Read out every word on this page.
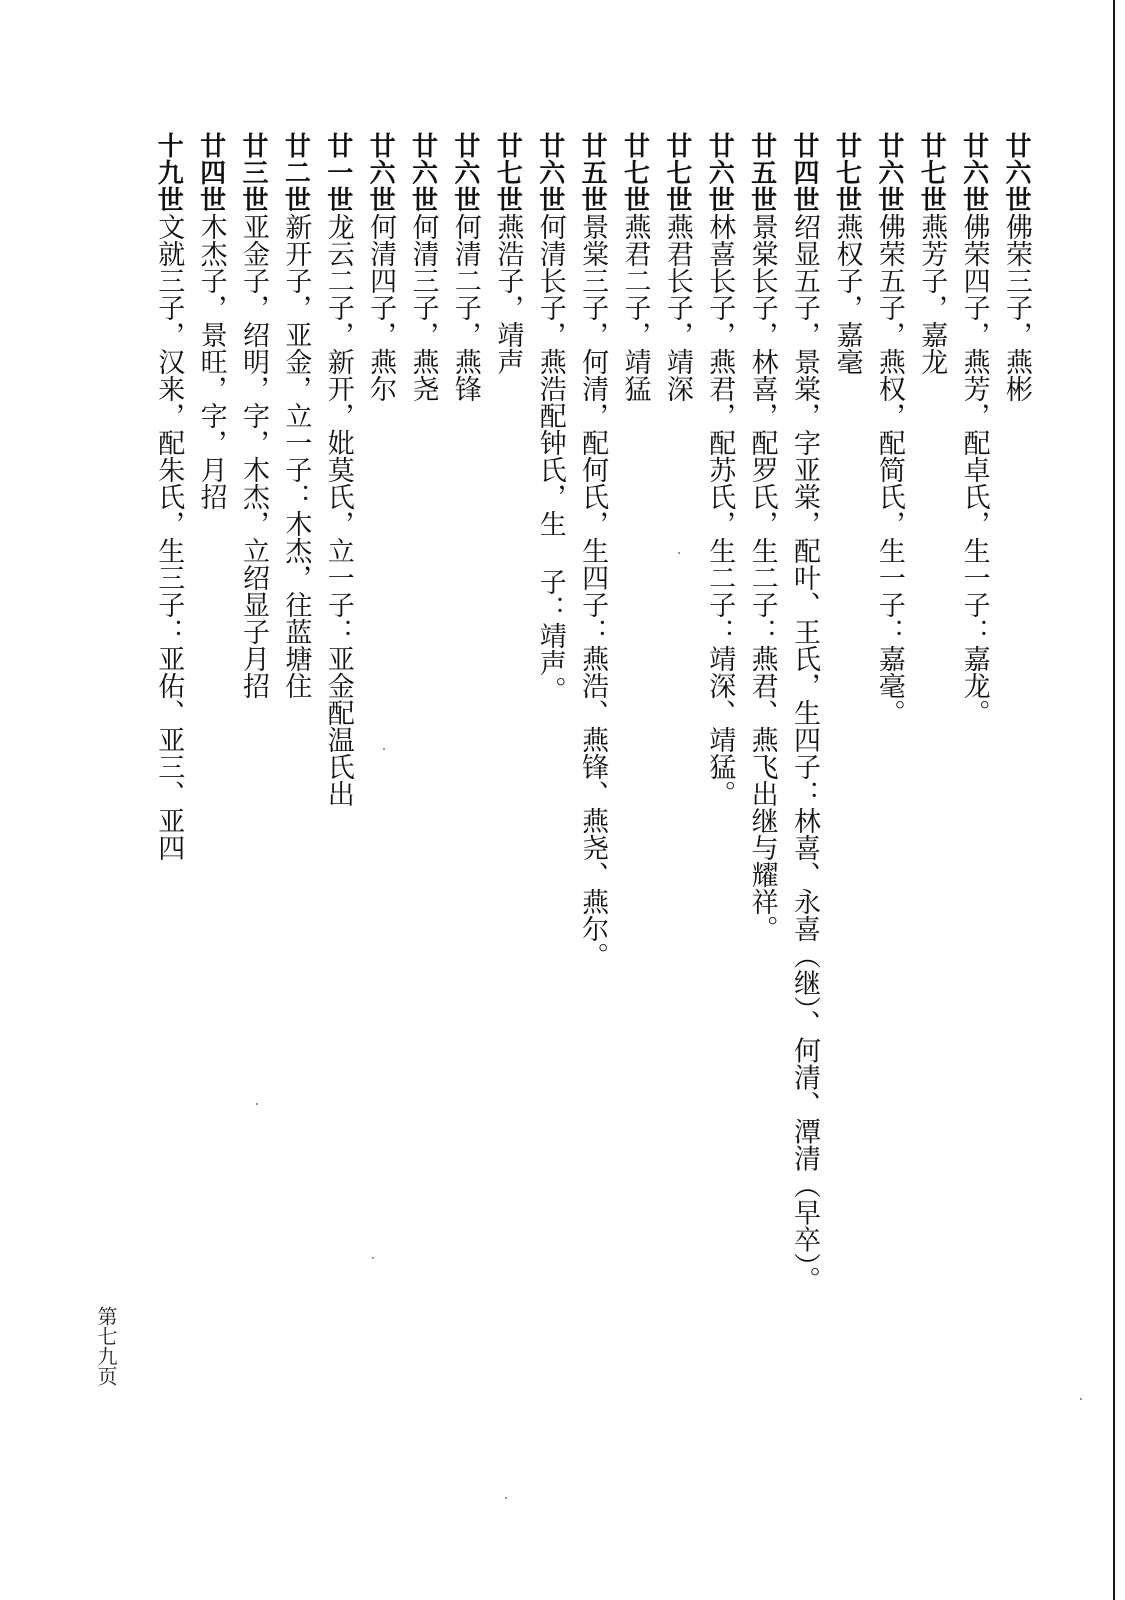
廿六世佛荣三子，燕彬
廿六世佛荣四子，燕芳，配卓氏，生一子：嘉龙。
廿七世燕芳子，嘉龙
廿六世佛荣五子，燕权，配简氏，生一子：嘉毫。
廿七世燕权子，嘉毫
廿四世绍显五子，景棠，字亚棠，配叶、王氏，生四子：林喜、永喜（继）、何清、潭清（早卒）。
廿五世景棠长子，林喜，配罗氏，生二子：燕君、燕飞出继与耀祥。
廿六世林喜长子，燕君，配苏氏，生二子：靖深、靖猛。
廿七世燕君长子，靖深
廿七世燕君二子，靖猛
廿五世景棠三子，何清，配何氏，生四子：燕浩、燕锋、燕尧、燕尔。
廿六世何清长子，燕浩配钟氏，生 子：靖声。
廿七世燕浩子，靖声
廿六世何清二子，燕锋
廿六世何清三子，燕尧
廿六世何清四子，燕尔
廿一世龙云二子，新开，妣莫氏，立一子：亚金配温氏出
廿二世新开子，亚金，立一子：木杰，往蓝塘住
廿三世亚金子，绍明，字，木杰，立绍显子月招
廿四世木杰子，景旺，字，月招
十九世文就三子，汉来，配朱氏，生三子：亚佑、亚三、亚四
第七九页
